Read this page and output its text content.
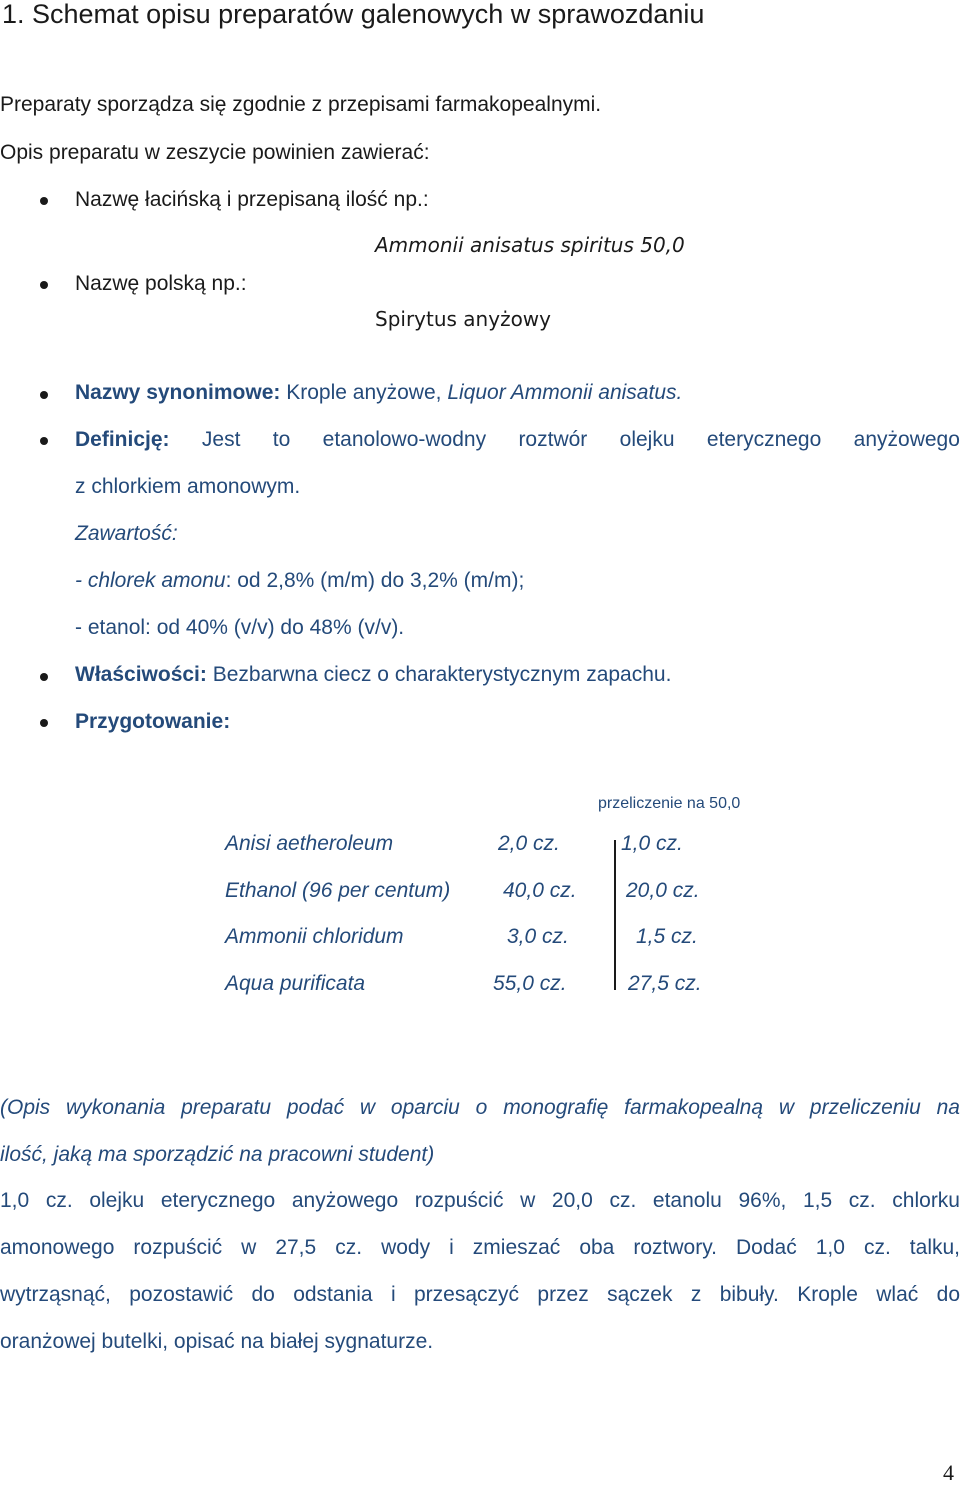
1. Schemat opisu preparatów galenowych w sprawozdaniu
Preparaty sporządza się zgodnie z przepisami farmakopealnymi.
Opis preparatu w zeszycie powinien zawierać:
Nazwę łacińską i przepisaną ilość np.:
Ammonii anisatus spiritus 50,0
Nazwę polską np.:
Spirytus anyżowy
Nazwy synonimowe: Krople anyżowe, Liquor Ammonii anisatus.
Definicję: Jest to etanolowo-wodny roztwór olejku eterycznego anyżowego
z chlorkiem amonowym.
Zawartość:
- chlorek amonu: od 2,8% (m/m) do 3,2% (m/m);
- etanol: od 40% (v/v) do 48% (v/v).
Właściwości: Bezbarwna ciecz o charakterystycznym zapachu.
Przygotowanie:
przeliczenie na 50,0
Anisi aetheroleum	2,0 cz.	1,0 cz.
Ethanol (96 per centum)	40,0 cz. 20,0 cz.
Ammonii chloridum	3,0 cz.	1,5 cz.
Aqua purificata	55,0 cz.	27,5 cz.
(Opis wykonania preparatu podać w oparciu o monografię farmakopealną w przeliczeniu na
ilość, jaką ma sporządzić na pracowni student)
1,0 cz. olejku eterycznego anyżowego rozpuścić w 20,0 cz. etanolu 96%, 1,5 cz. chlorku
amonowego rozpuścić w 27,5 cz. wody i zmieszać oba roztwory. Dodać 1,0 cz. talku,
wytrząsnąć, pozostawić do odstania i przesączyć przez sączek z bibuły. Krople wlać do
oranżowej butelki, opisać na białej sygnaturze.
4
